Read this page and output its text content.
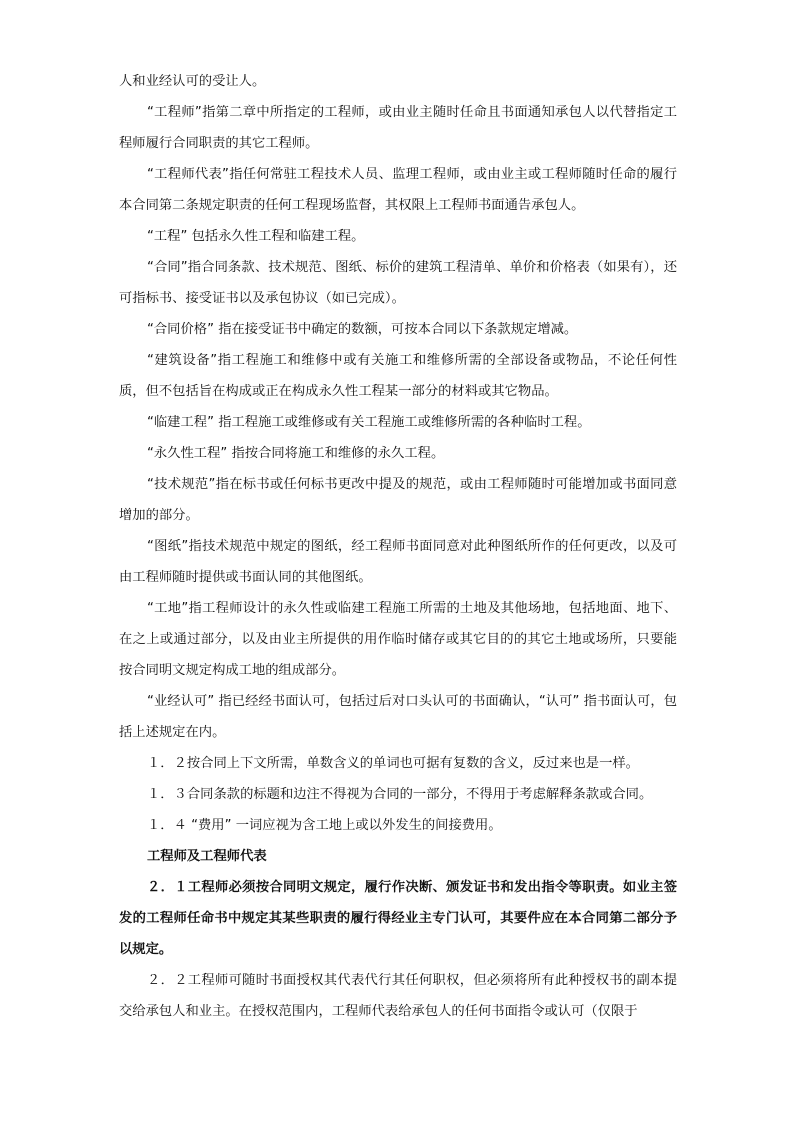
人和业经认可的受让人。

“工程师”指第二章中所指定的工程师，或由业主随时任命且书面通知承包人以代替指定工程师履行合同职责的其它工程师。

“工程师代表”指任何常驻工程技术人员、监理工程师，或由业主或工程师随时任命的履行本合同第二条规定职责的任何工程现场监督，其权限上工程师书面通告承包人。

“工程” 包括永久性工程和临建工程。

“合同”指合同条款、技术规范、图纸、标价的建筑工程清单、单价和价格表（如果有），还可指标书、接受证书以及承包协议（如已完成）。

“合同价格” 指在接受证书中确定的数额，可按本合同以下条款规定增减。

“建筑设备”指工程施工和维修中或有关施工和维修所需的全部设备或物品，不论任何性质，但不包括旨在构成或正在构成永久性工程某一部分的材料或其它物品。

“临建工程” 指工程施工或维修或有关工程施工或维修所需的各种临时工程。

“永久性工程” 指按合同将施工和维修的永久工程。

“技术规范”指在标书或任何标书更改中提及的规范，或由工程师随时可能增加或书面同意增加的部分。

“图纸”指技术规范中规定的图纸，经工程师书面同意对此种图纸所作的任何更改，以及可由工程师随时提供或书面认同的其他图纸。

“工地”指工程师设计的永久性或临建工程施工所需的土地及其他场地，包括地面、地下、在之上或通过部分，以及由业主所提供的用作临时储存或其它目的的其它土地或场所，只要能按合同明文规定构成工地的组成部分。

“业经认可” 指已经经书面认可，包括过后对口头认可的书面确认，“认可” 指书面认可，包括上述规定在内。

１．２按合同上下文所需，单数含义的单词也可据有复数的含义，反过来也是一样。

１．３合同条款的标题和边注不得视为合同的一部分，不得用于考虑解释条款或合同。

１．４ “费用” 一词应视为含工地上或以外发生的间接费用。

工程师及工程师代表

２．１工程师必须按合同明文规定，履行作决断、颁发证书和发出指令等职责。如业主签发的工程师任命书中规定其某些职责的履行得经业主专门认可，其要件应在本合同第二部分予以规定。

２．２工程师可随时书面授权其代表代行其任何职权，但必须将所有此种授权书的副本提交给承包人和业主。在授权范围内，工程师代表给承包人的任何书面指令或认可（仅限于
